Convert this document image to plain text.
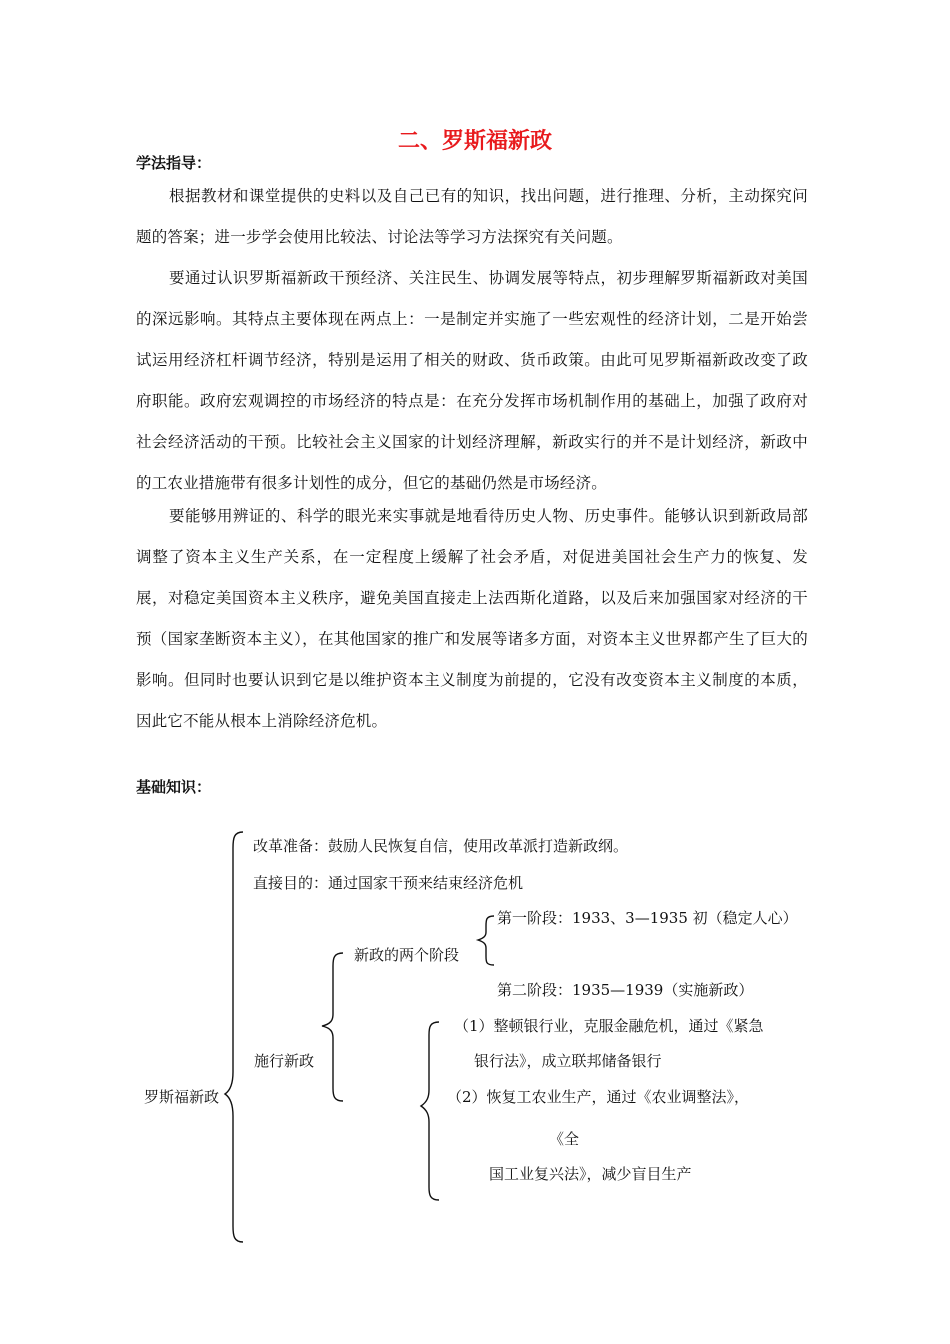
二、罗斯福新政
学法指导：

根据教材和课堂提供的史料以及自己已有的知识，找出问题，进行推理、分析，主动探究问题的答案；进一步学会使用比较法、讨论法等学习方法探究有关问题。

要通过认识罗斯福新政干预经济、关注民生、协调发展等特点，初步理解罗斯福新政对美国的深远影响。其特点主要体现在两点上：一是制定并实施了一些宏观性的经济计划，二是开始尝试运用经济杠杆调节经济，特别是运用了相关的财政、货币政策。由此可见罗斯福新政改变了政府职能。政府宏观调控的市场经济的特点是：在充分发挥市场机制作用的基础上，加强了政府对社会经济活动的干预。比较社会主义国家的计划经济理解，新政实行的并不是计划经济，新政中的工农业措施带有很多计划性的成分，但它的基础仍然是市场经济。

要能够用辨证的、科学的眼光来实事就是地看待历史人物、历史事件。能够认识到新政局部调整了资本主义生产关系，在一定程度上缓解了社会矛盾，对促进美国社会生产力的恢复、发展，对稳定美国资本主义秩序，避免美国直接走上法西斯化道路，以及后来加强国家对经济的干预（国家垄断资本主义），在其他国家的推广和发展等诸多方面，对资本主义世界都产生了巨大的影响。但同时也要认识到它是以维护资本主义制度为前提的，它没有改变资本主义制度的本质，因此它不能从根本上消除经济危机。

基础知识：
改革准备：鼓励人民恢复自信，使用改革派打造新政纲。
直接目的：通过国家干预来结束经济危机
第一阶段：1933、3—1935 初（稳定人心）
新政的两个阶段
第二阶段：1935—1939（实施新政）
（1）整顿银行业，克服金融危机，通过《紧急
施行新政	银行法》，成立联邦储备银行
罗斯福新政	（2）恢复工农业生产，通过《农业调整法》，
《全
国工业复兴法》，减少盲目生产
